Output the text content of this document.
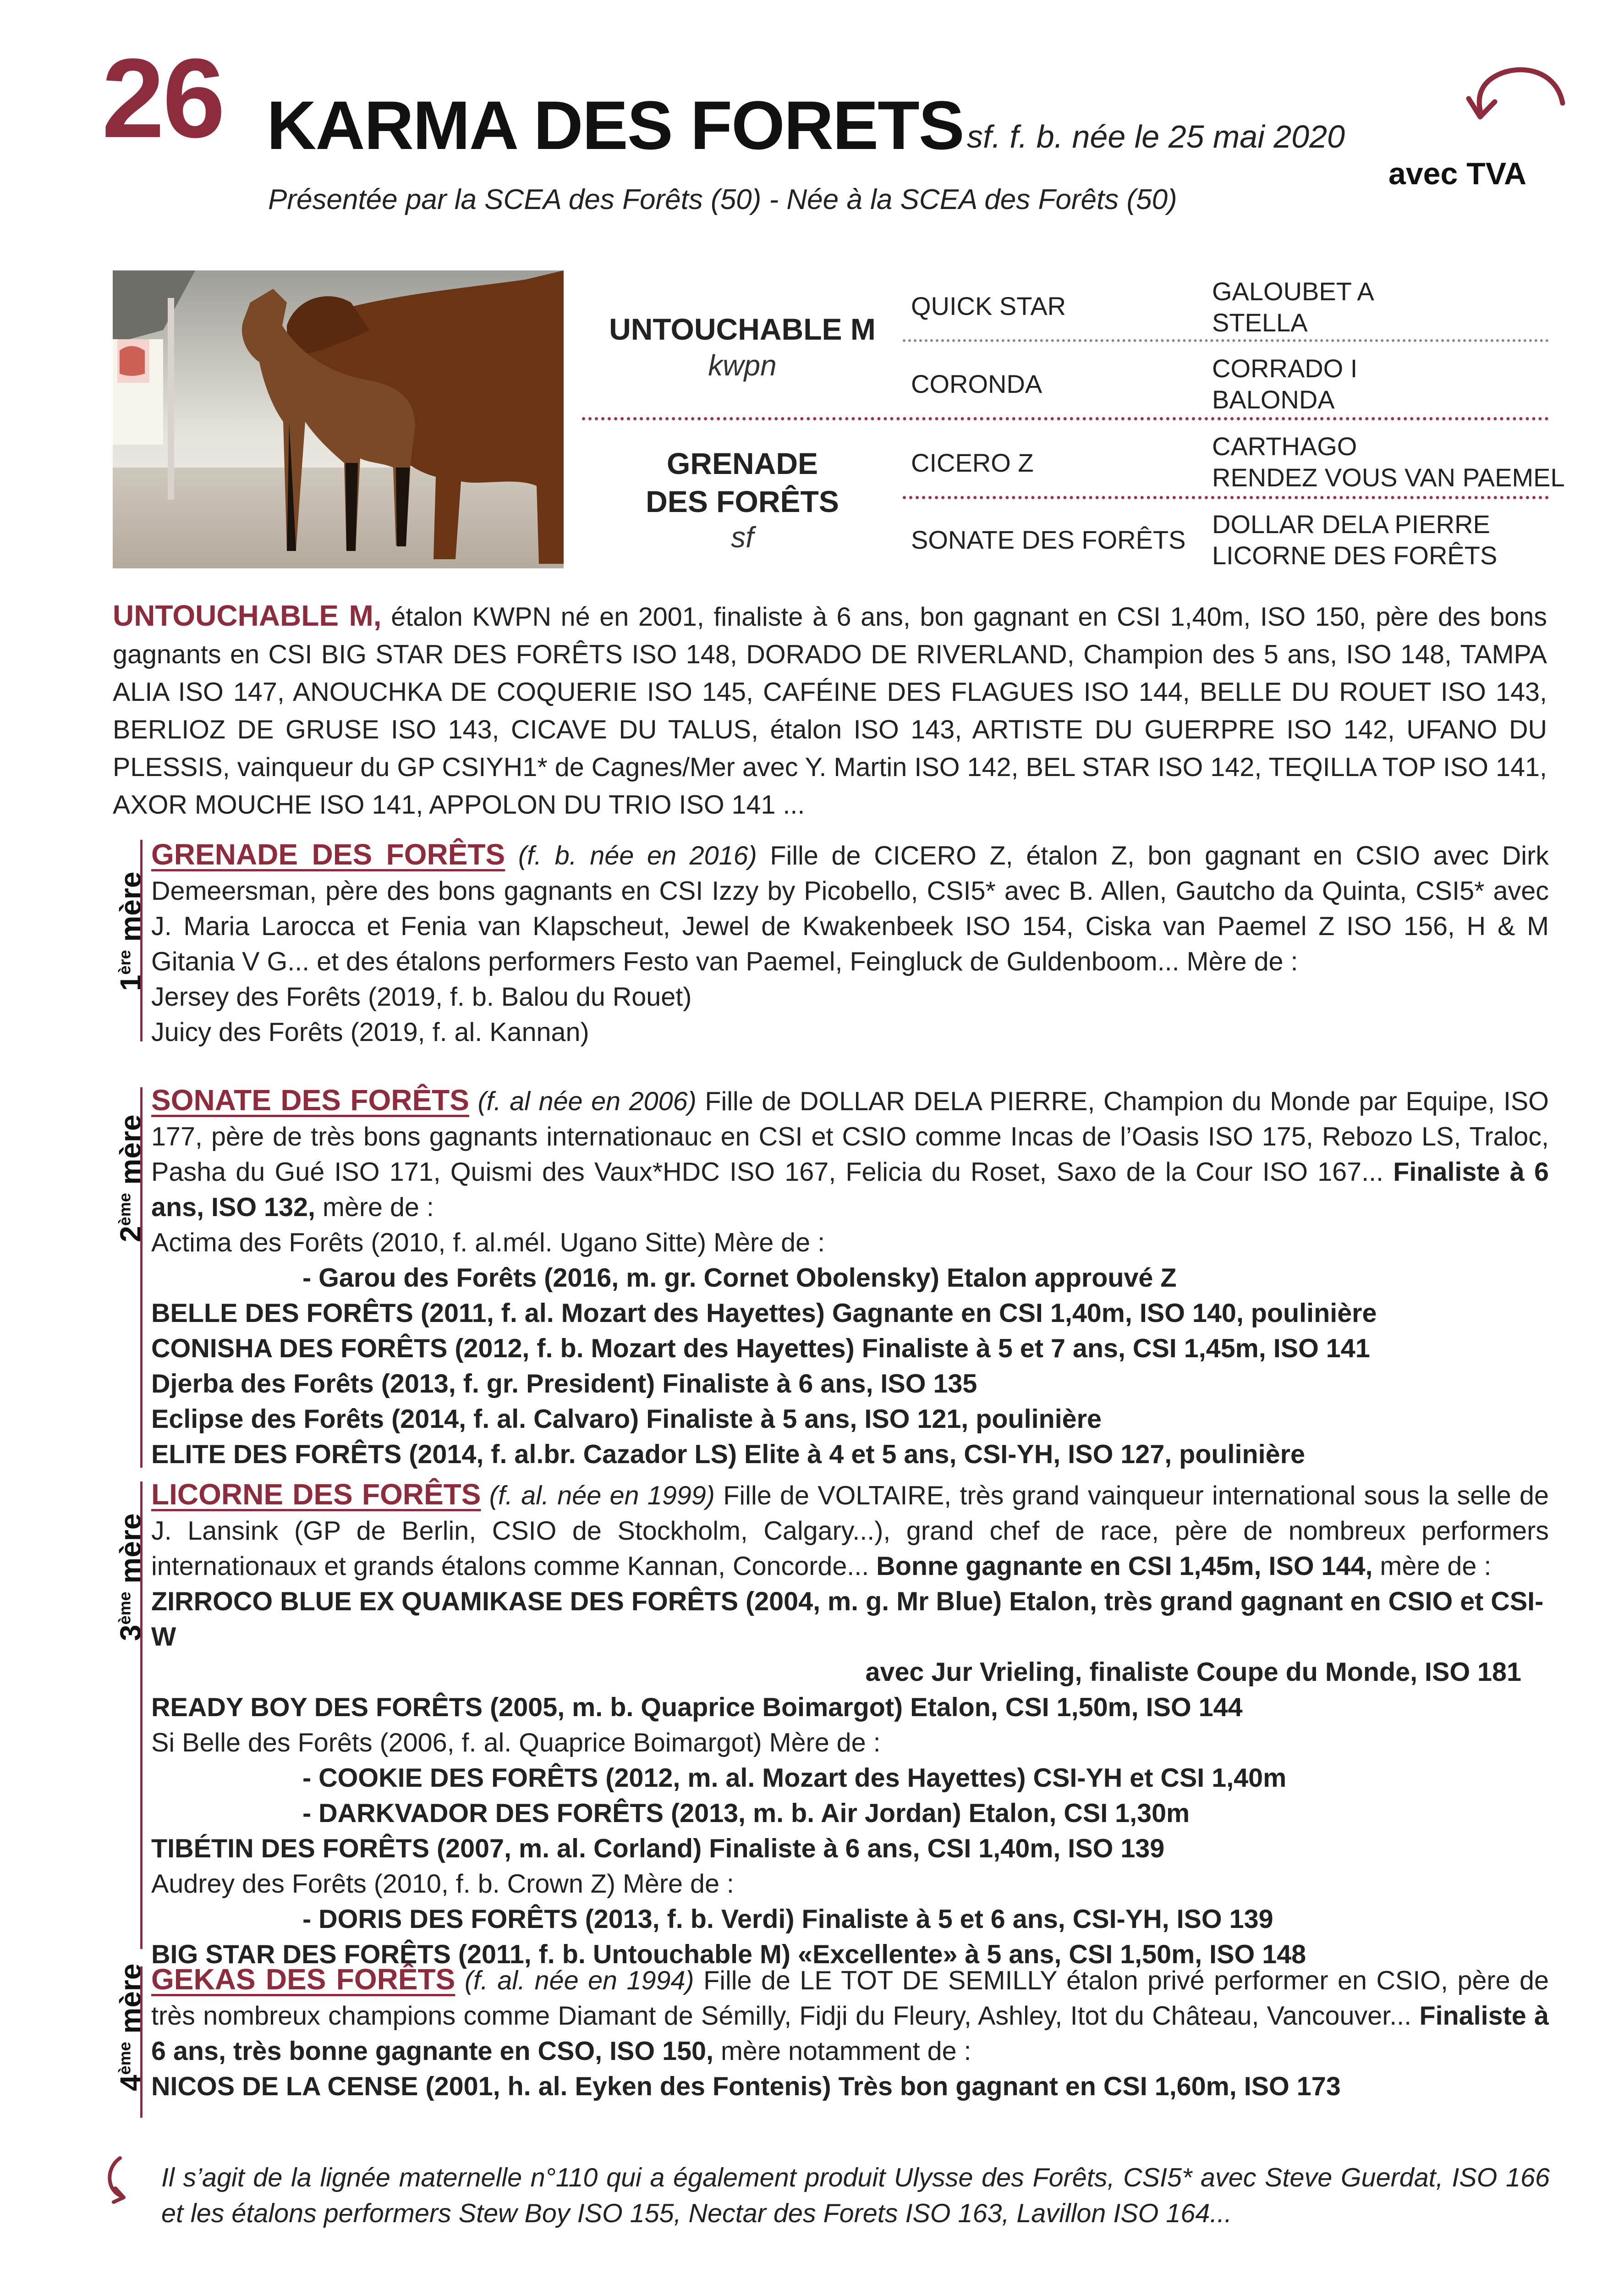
26 KARMA DES FORETS sf. f. b. née le 25 mai 2020
avec TVA
Présentée par la SCEA des Forêts (50) - Née à la SCEA des Forêts (50)
UNTOUCHABLE M
kwpn
GRENADE
DES FORÊTS
sf
QUICK STAR
CORONDA
CICERO Z
SONATE DES FORÊTS
GALOUBET A
STELLA
CORRADO I
BALONDA
CARTHAGO
RENDEZ VOUS VAN PAEMEL
DOLLAR DELA PIERRE
LICORNE DES FORÊTS
UNTOUCHABLE M, étalon KWPN né en 2001, finaliste à 6 ans, bon gagnant en CSI 1,40m, ISO 150, père des bons gagnants en CSI BIG STAR DES FORÊTS ISO 148, DORADO DE RIVERLAND, Champion des 5 ans, ISO 148, TAMPA ALIA ISO 147, ANOUCHKA DE COQUERIE ISO 145, CAFÉINE DES FLAGUES ISO 144, BELLE DU ROUET ISO 143, BERLIOZ DE GRUSE ISO 143, CICAVE DU TALUS, étalon ISO 143, ARTISTE DU GUERPRE ISO 142, UFANO DU PLESSIS, vainqueur du GP CSIYH1* de Cagnes/Mer avec Y. Martin ISO 142, BEL STAR ISO 142, TEQILLA TOP ISO 141, AXOR MOUCHE ISO 141, APPOLON DU TRIO ISO 141 ...
1ère mère

GRENADE DES FORÊTS (f. b. née en 2016) Fille de CICERO Z, étalon Z, bon gagnant en CSIO avec Dirk Demeersman, père des bons gagnants en CSI Izzy by Picobello, CSI5* avec B. Allen, Gautcho da Quinta, CSI5* avec J. Maria Larocca et Fenia van Klapscheut, Jewel de Kwakenbeek ISO 154, Ciska van Paemel Z ISO 156, H & M Gitania V G... et des étalons performers Festo van Paemel, Feingluck de Guldenboom... Mère de :

Jersey des Forêts (2019, f. b. Balou du Rouet)

Juicy des Forêts (2019, f. al. Kannan)

2ème mère

SONATE DES FORÊTS (f. al née en 2006) Fille de DOLLAR DELA PIERRE, Champion du Monde par Equipe, ISO 177, père de très bons gagnants internationauc en CSI et CSIO comme Incas de l’Oasis ISO 175, Rebozo LS, Traloc, Pasha du Gué ISO 171, Quismi des Vaux*HDC ISO 167, Felicia du Roset, Saxo de la Cour ISO 167... Finaliste à 6 ans, ISO 132, mère de :

Actima des Forêts (2010, f. al.mél. Ugano Sitte) Mère de :

- Garou des Forêts (2016, m. gr. Cornet Obolensky) Etalon approuvé Z

BELLE DES FORÊTS (2011, f. al. Mozart des Hayettes) Gagnante en CSI 1,40m, ISO 140, poulinière

CONISHA DES FORÊTS (2012, f. b. Mozart des Hayettes) Finaliste à 5 et 7 ans, CSI 1,45m, ISO 141

Djerba des Forêts (2013, f. gr. President) Finaliste à 6 ans, ISO 135

Eclipse des Forêts (2014, f. al. Calvaro) Finaliste à 5 ans, ISO 121, poulinière

ELITE DES FORÊTS (2014, f. al.br. Cazador LS) Elite à 4 et 5 ans, CSI-YH, ISO 127, poulinière

3ème mère

LICORNE DES FORÊTS (f. al. née en 1999) Fille de VOLTAIRE, très grand vainqueur international sous la selle de J. Lansink (GP de Berlin, CSIO de Stockholm, Calgary...), grand chef de race, père de nombreux performers internationaux et grands étalons comme Kannan, Concorde... Bonne gagnante en CSI 1,45m, ISO 144, mère de :

ZIRROCO BLUE EX QUAMIKASE DES FORÊTS (2004, m. g. Mr Blue) Etalon, très grand gagnant en CSIO et CSI-W

avec Jur Vrieling, finaliste Coupe du Monde, ISO 181

READY BOY DES FORÊTS (2005, m. b. Quaprice Boimargot) Etalon, CSI 1,50m, ISO 144

Si Belle des Forêts (2006, f. al. Quaprice Boimargot) Mère de :

- COOKIE DES FORÊTS (2012, m. al. Mozart des Hayettes) CSI-YH et CSI 1,40m

- DARKVADOR DES FORÊTS (2013, m. b. Air Jordan) Etalon, CSI 1,30m

TIBÉTIN DES FORÊTS (2007, m. al. Corland) Finaliste à 6 ans, CSI 1,40m, ISO 139

Audrey des Forêts (2010, f. b. Crown Z) Mère de :

- DORIS DES FORÊTS (2013, f. b. Verdi) Finaliste à 5 et 6 ans, CSI-YH, ISO 139

BIG STAR DES FORÊTS (2011, f. b. Untouchable M) «Excellente» à 5 ans, CSI 1,50m, ISO 148

4ème mère GEKAS DES FORÊTS (f. al. née en 1994) Fille de LE TOT DE SEMILLY étalon privé performer en CSIO, père de très nombreux champions comme Diamant de Sémilly, Fidji du Fleury, Ashley, Itot du Château, Vancouver... Finaliste à 6 ans, très bonne gagnante en CSO, ISO 150, mère notamment de :

NICOS DE LA CENSE (2001, h. al. Eyken des Fontenis) Très bon gagnant en CSI 1,60m, ISO 173

Il s’agit de la lignée maternelle n°110 qui a également produit Ulysse des Forêts, CSI5* avec Steve Guerdat, ISO 166 et les étalons performers Stew Boy ISO 155, Nectar des Forets ISO 163, Lavillon ISO 164...
